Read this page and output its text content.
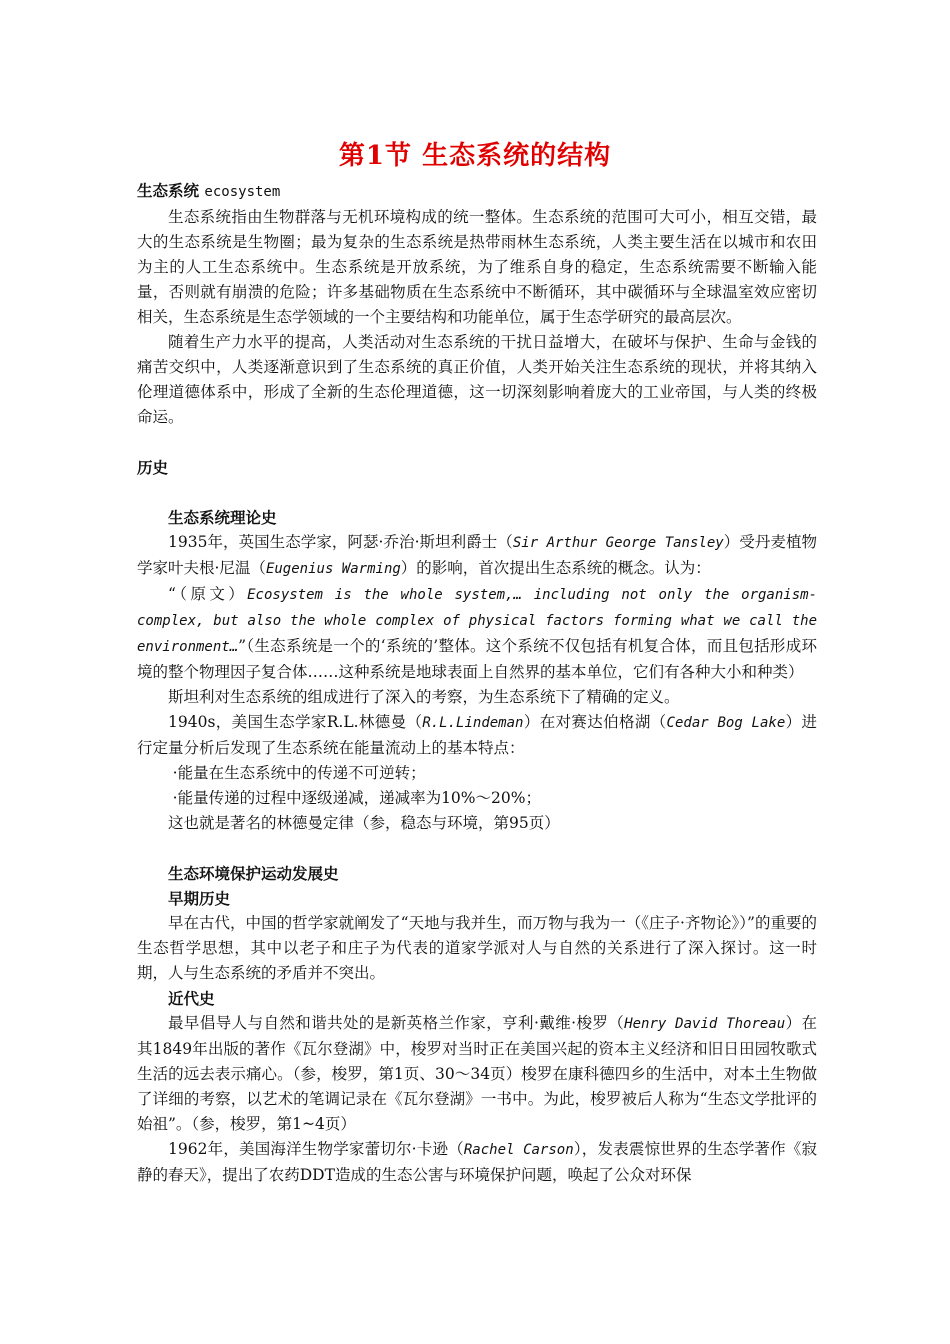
第1节 生态系统的结构

生态系统 ecosystem

生态系统指由生物群落与无机环境构成的统一整体。生态系统的范围可大可小，相互交错，最大的生态系统是生物圈；最为复杂的生态系统是热带雨林生态系统，人类主要生活在以城市和农田为主的人工生态系统中。生态系统是开放系统，为了维系自身的稳定，生态系统需要不断输入能量，否则就有崩溃的危险；许多基础物质在生态系统中不断循环，其中碳循环与全球温室效应密切相关，生态系统是生态学领域的一个主要结构和功能单位，属于生态学研究的最高层次。

随着生产力水平的提高，人类活动对生态系统的干扰日益增大，在破坏与保护、生命与金钱的痛苦交织中，人类逐渐意识到了生态系统的真正价值，人类开始关注生态系统的现状，并将其纳入伦理道德体系中，形成了全新的生态伦理道德，这一切深刻影响着庞大的工业帝国，与人类的终极命运。

历史

生态系统理论史

1935年，英国生态学家，阿瑟·乔治·斯坦利爵士（Sir Arthur George Tansley）受丹麦植物学家叶夫根·尼温（Eugenius Warming）的影响，首次提出生态系统的概念。认为：

“（原文）Ecosystem is the whole system,… including not only the organism-complex, but also the whole complex of physical factors forming what we call the environment…”（生态系统是一个的‘系统的’整体。这个系统不仅包括有机复合体，而且包括形成环境的整个物理因子复合体……这种系统是地球表面上自然界的基本单位，它们有各种大小和种类）

斯坦利对生态系统的组成进行了深入的考察，为生态系统下了精确的定义。

1940s，美国生态学家R.L.林德曼（R.L.Lindeman）在对赛达伯格湖（Cedar Bog Lake）进行定量分析后发现了生态系统在能量流动上的基本特点：

·能量在生态系统中的传递不可逆转；

·能量传递的过程中逐级递减，递减率为10%～20%；

这也就是著名的林德曼定律（参，稳态与环境，第95页）

生态环境保护运动发展史

早期历史

早在古代，中国的哲学家就阐发了“天地与我并生，而万物与我为一（《庄子·齐物论》）”的重要的生态哲学思想，其中以老子和庄子为代表的道家学派对人与自然的关系进行了深入探讨。这一时期，人与生态系统的矛盾并不突出。

近代史

最早倡导人与自然和谐共处的是新英格兰作家，亨利·戴维·梭罗（Henry David Thoreau）在其1849年出版的著作《瓦尔登湖》中，梭罗对当时正在美国兴起的资本主义经济和旧日田园牧歌式生活的远去表示痛心。（参，梭罗，第1页、30～34页）梭罗在康科德四乡的生活中，对本土生物做了详细的考察，以艺术的笔调记录在《瓦尔登湖》一书中。为此，梭罗被后人称为“生态文学批评的始祖”。（参，梭罗，第1~4页）

1962年，美国海洋生物学家蕾切尔·卡逊（Rachel Carson），发表震惊世界的生态学著作《寂静的春天》，提出了农药DDT造成的生态公害与环境保护问题，唤起了公众对环保
